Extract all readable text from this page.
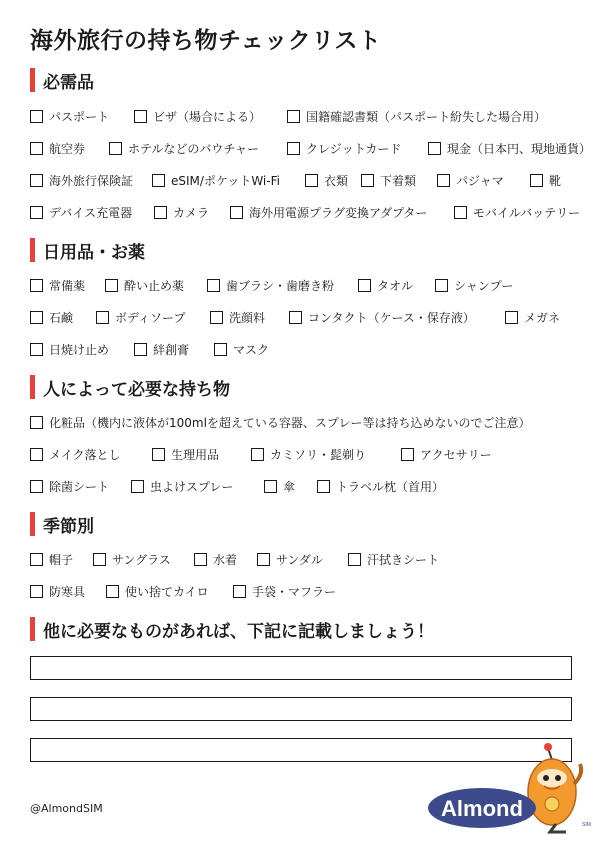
海外旅行の持ち物チェックリスト
必需品
パスポート	ビザ（場合による）	国籍確認書類（パスポート紛失した場合用）
航空券	ホテルなどのバウチャー	クレジットカード	現金（日本円、現地通貨）
海外旅行保険証	eSIM/ポケットWi-Fi	衣類	下着類	パジャマ	靴
デバイス充電器	カメラ	海外用電源プラグ変換アダプター	モバイルバッテリー
日用品・お薬
常備薬	酔い止め薬	歯ブラシ・歯磨き粉	タオル	シャンプー
石鹸	ボディソープ	洗顔料	コンタクト（ケース・保存液）	メガネ
日焼け止め	絆創膏	マスク
人によって必要な持ち物
化粧品（機内に液体が100mlを超えている容器、スプレー等は持ち込めないのでご注意）
メイク落とし	生理用品	カミソリ・髭剃り	アクセサリー
除菌シート	虫よけスプレー	傘	トラベル枕（首用）
季節別
帽子	サングラス	水着	サンダル	汗拭きシート
防寒具	使い捨てカイロ	手袋・マフラー
他に必要なものがあれば、下記に記載しましょう！
@AlmondSIM	Almond
SIM
